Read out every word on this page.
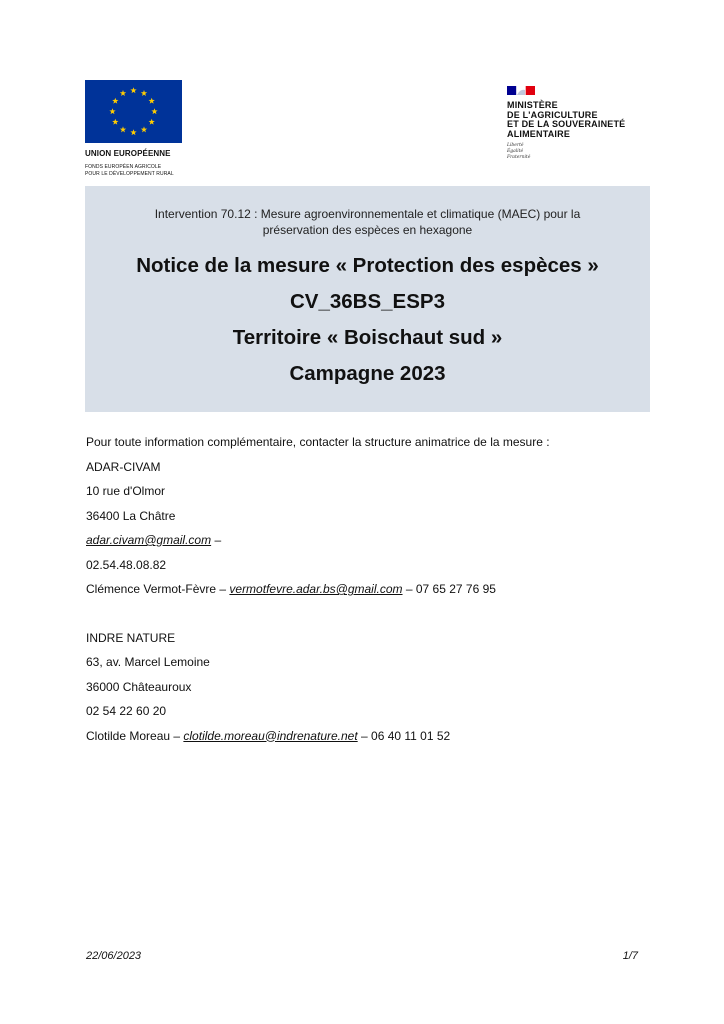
UNION EUROPÉENNE
FONDS EUROPÉEN AGRICOLE
POUR LE DÉVELOPPEMENT RURAL
MINISTÈRE
DE L'AGRICULTURE
ET DE LA SOUVERAINETÉ
ALIMENTAIRE
Liberté
Égalité
Fraternité
Intervention 70.12 : Mesure agroenvironnementale et climatique (MAEC) pour la
préservation des espèces en hexagone
Notice de la mesure « Protection des espèces »
CV_36BS_ESP3
Territoire « Boischaut sud »
Campagne 2023
Pour toute information complémentaire, contacter la structure animatrice de la mesure :
ADAR-CIVAM
10 rue d'Olmor
36400 La Châtre
adar.civam@gmail.com –
02.54.48.08.82
Clémence Vermot-Fèvre – vermotfevre.adar.bs@gmail.com – 07 65 27 76 95
INDRE NATURE
63, av. Marcel Lemoine
36000 Châteauroux
02 54 22 60 20
Clotilde Moreau – clotilde.moreau@indrenature.net – 06 40 11 01 52
22/06/2023	1/7
